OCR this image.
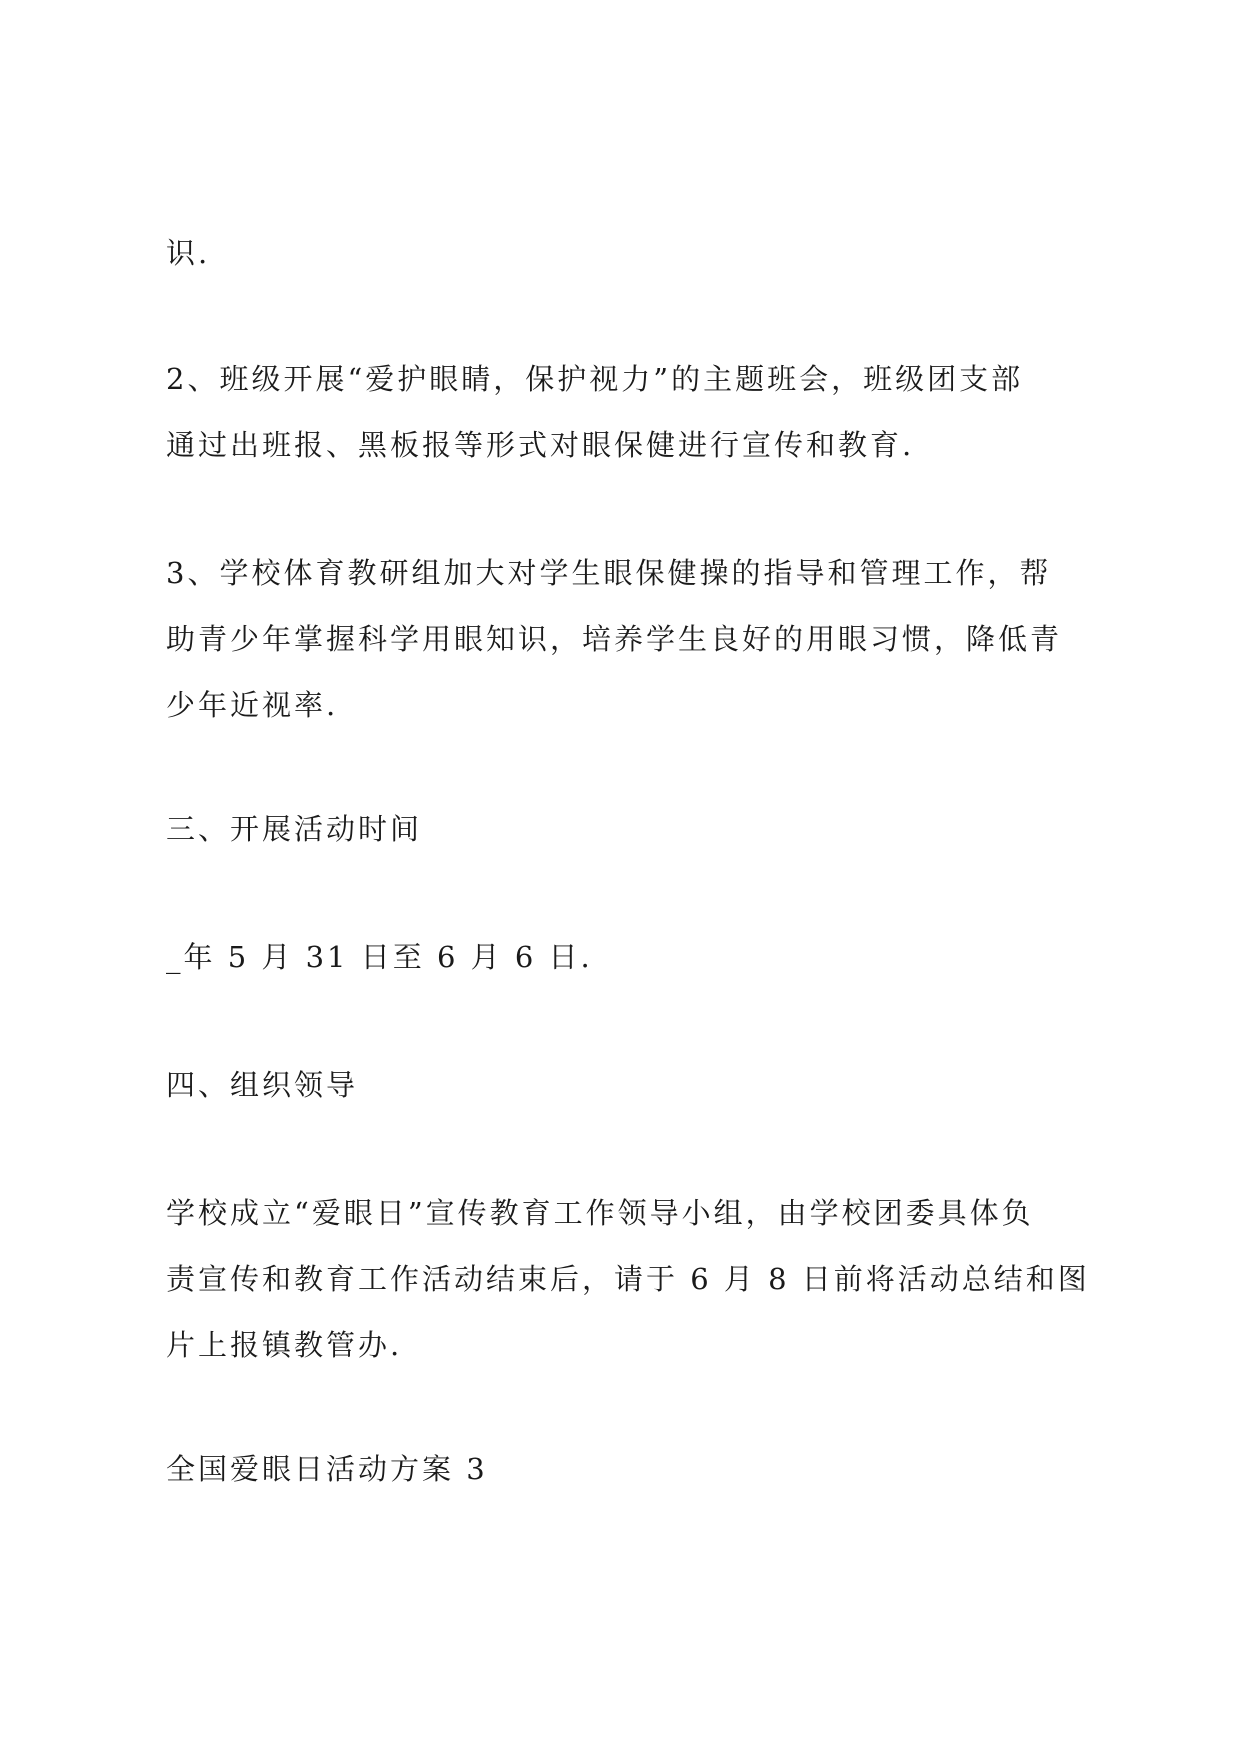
识.

2、班级开展“爱护眼睛，保护视力”的主题班会，班级团支部
通过出班报、黑板报等形式对眼保健进行宣传和教育.

3、学校体育教研组加大对学生眼保健操的指导和管理工作，帮
助青少年掌握科学用眼知识，培养学生良好的用眼习惯，降低青
少年近视率.

三、开展活动时间

_年 5 月 31 日至 6 月 6 日.

四、组织领导

学校成立“爱眼日”宣传教育工作领导小组，由学校团委具体负
责宣传和教育工作活动结束后，请于 6 月 8 日前将活动总结和图
片上报镇教管办.

全国爱眼日活动方案 3
